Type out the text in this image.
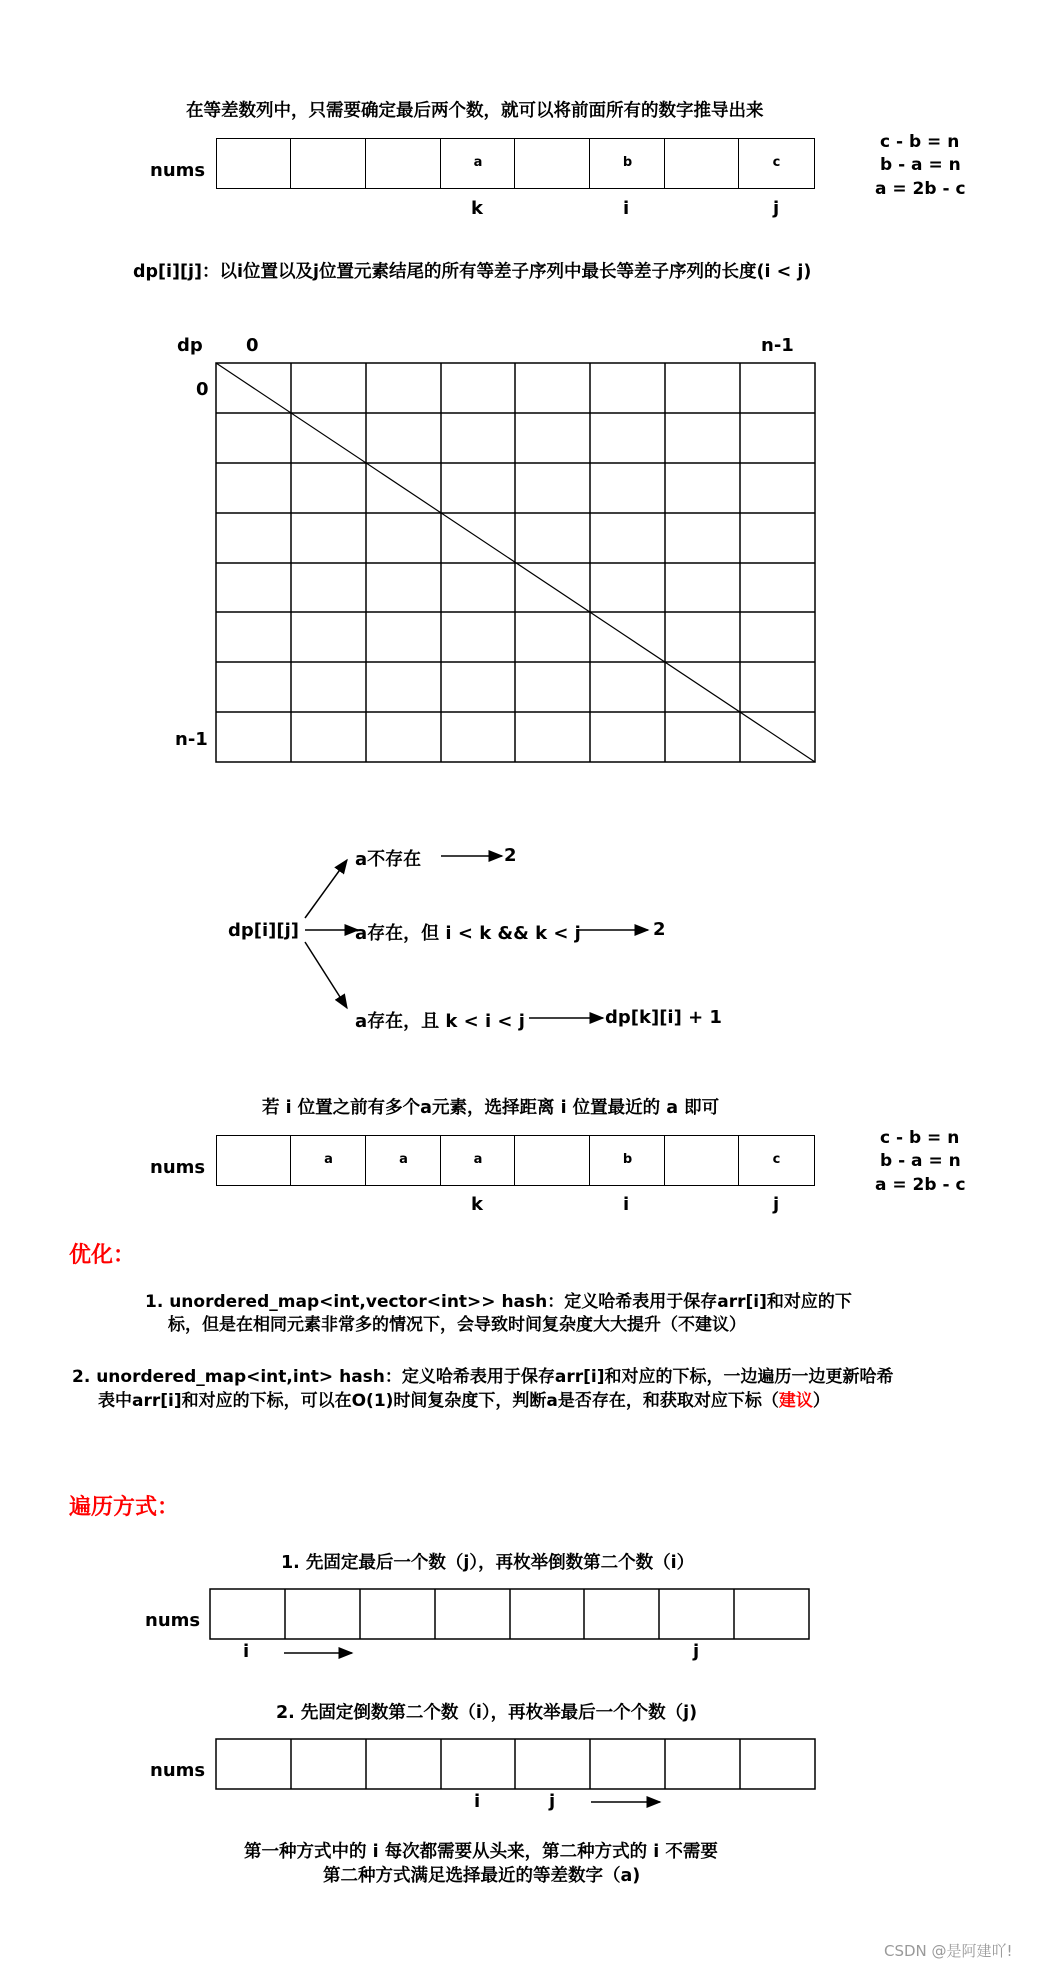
在等差数列中，只需要确定最后两个数，就可以将前面所有的数字推导出来
nums	a	b	c
k	i	j
c - b = n
b - a = n
a = 2b - c
dp[i][j]：以i位置以及j位置元素结尾的所有等差子序列中最长等差子序列的长度(i < j)
dp 0	n-1
0
n-1
dp[i][j]
a不存在	2
a存在，但 i < k && k < j	2
a存在，且 k < i < j	dp[k][i] + 1
若 i 位置之前有多个a元素，选择距离 i 位置最近的 a 即可
nums	a	a	a	b	c
k	i	j
c - b = n
b - a = n
a = 2b - c
优化：
1. unordered_map<int,vector<int>> hash：定义哈希表用于保存arr[i]和对应的下
标，但是在相同元素非常多的情况下，会导致时间复杂度大大提升（不建议）
2. unordered_map<int,int> hash：定义哈希表用于保存arr[i]和对应的下标，一边遍历一边更新哈希
表中arr[i]和对应的下标，可以在O(1)时间复杂度下，判断a是否存在，和获取对应下标（建议）
遍历方式：
1. 先固定最后一个数（j），再枚举倒数第二个数（i）
nums
i	j
2. 先固定倒数第二个数（i），再枚举最后一个个数（j)
nums
i	j
第一种方式中的 i 每次都需要从头来，第二种方式的 i 不需要
第二种方式满足选择最近的等差数字（a)
CSDN @是阿建吖!
